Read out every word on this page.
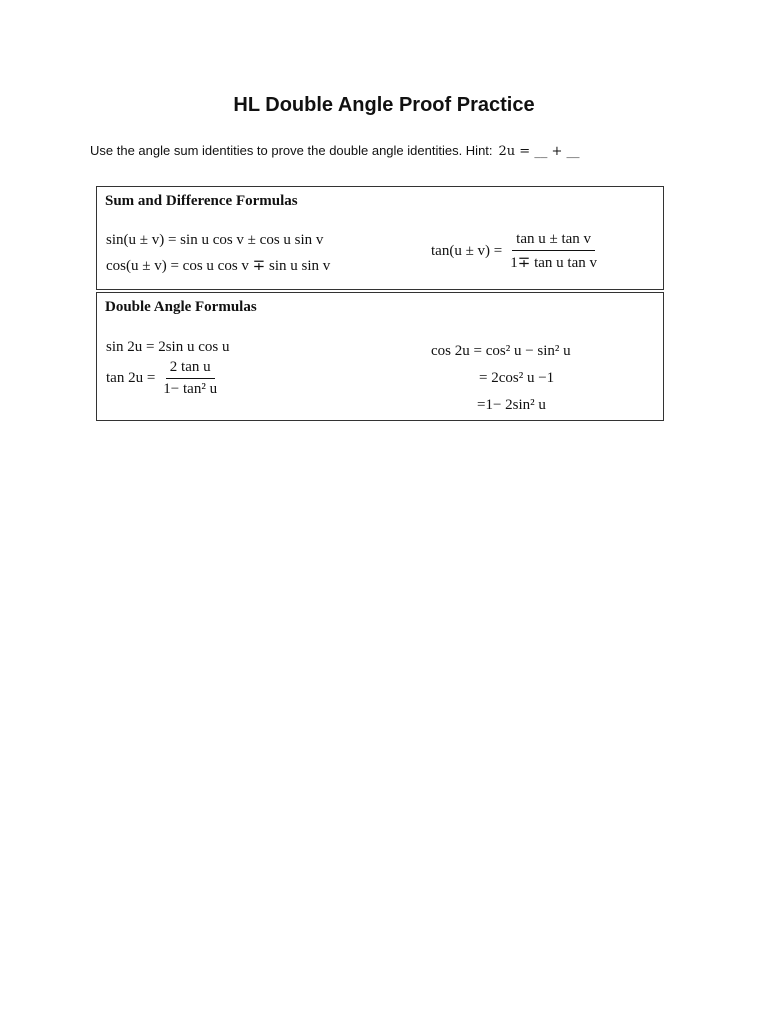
HL Double Angle Proof Practice
Use the angle sum identities to prove the double angle identities. Hint: 2u = __ + __
Sum and Difference Formulas
sin(u ± v) = sin u cos v ± cos u sin v
cos(u ± v) = cos u cos v ∓ sin u sin v
$\tan(u \pm v) = \frac{\text{tan u ± tan v}}{\text{1∓ tan u tan v}}$
Double Angle Formulas
sin 2u = 2sin u cos u
$\tan 2u = \frac{\text{2 tan u}}{\text{1− tan² u}}$
cos 2u = cos² u − sin² u
= 2cos² u −1
=1− 2sin² u
